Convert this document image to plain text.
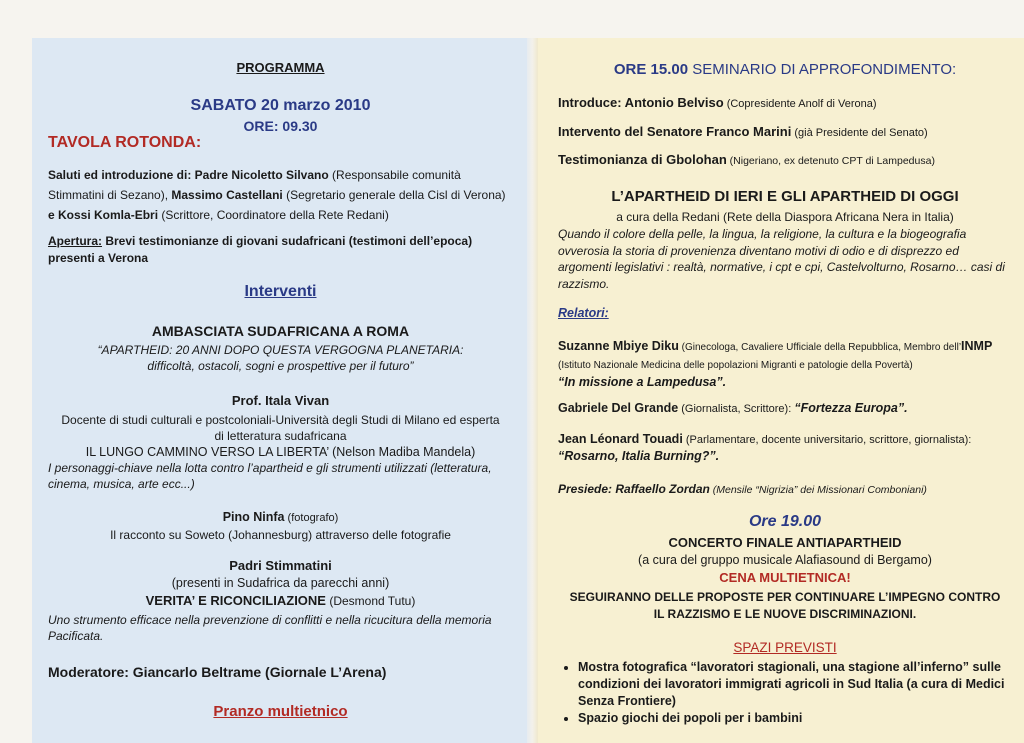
PROGRAMMA
SABATO 20 marzo 2010
ORE: 09.30
TAVOLA ROTONDA:

Saluti ed introduzione di: Padre Nicoletto Silvano (Responsabile comunità Stimmatini di Sezano), Massimo Castellani (Segretario generale della Cisl di Verona) e Kossi Komla-Ebri (Scrittore, Coordinatore della Rete Redani)

Apertura: Brevi testimonianze di giovani sudafricani (testimoni dell’epoca) presenti a Verona

Interventi
AMBASCIATA SUDAFRICANA A ROMA

“APARTHEID: 20 ANNI DOPO QUESTA VERGOGNA PLANETARIA: difficoltà, ostacoli, sogni e prospettive per il futuro”

Prof. Itala Vivan

Docente di studi culturali e postcoloniali-Università degli Studi di Milano ed esperta di letteratura sudafricana

IL LUNGO CAMMINO VERSO LA LIBERTA’ (Nelson Madiba Mandela)

I personaggi-chiave nella lotta contro l’apartheid e gli strumenti utilizzati (letteratura, cinema, musica, arte ecc...)

Pino Ninfa (fotografo)

Il racconto su Soweto (Johannesburg) attraverso delle fotografie
Padri Stimmatini
(presenti in Sudafrica da parecchi anni)

VERITA’ E RICONCILIAZIONE (Desmond Tutu)

Uno strumento efficace nella prevenzione di conflitti e nella ricucitura della memoria Pacificata.

Moderatore: Giancarlo Beltrame (Giornale L’Arena)
Pranzo multietnico

ORE 15.00 SEMINARIO DI APPROFONDIMENTO:

Introduce: Antonio Belviso (Copresidente Anolf di Verona)

Intervento del Senatore Franco Marini (già Presidente del Senato)

Testimonianza di Gbolohan (Nigeriano, ex detenuto CPT di Lampedusa)

L’APARTHEID DI IERI E GLI APARTHEID DI OGGI
a cura della Redani (Rete della Diaspora Africana Nera in Italia)

Quando il colore della pelle, la lingua, la religione, la cultura e la biogeografia ovverosia la storia di provenienza diventano motivi di odio e di disprezzo ed argomenti legislativi : realtà, normative, i cpt e cpi, Castelvolturno, Rosarno… casi di razzismo.

Relatori:

Suzanne Mbiye Diku (Ginecologa, Cavaliere Ufficiale della Repubblica, Membro dell’INMP (Istituto Nazionale Medicina delle popolazioni Migranti e patologie della Povertà)
“In missione a Lampedusa”.

Gabriele Del Grande (Giornalista, Scrittore): “Fortezza Europa”.

Jean Léonard Touadi (Parlamentare, docente universitario, scrittore, giornalista):
“Rosarno, Italia Burning?”.

Presiede: Raffaello Zordan (Mensile “Nigrizia” dei Missionari Comboniani)

Ore 19.00
CONCERTO FINALE ANTIAPARTHEID
(a cura del gruppo musicale Alafiasound di Bergamo)
CENA MULTIETNICA!

SEGUIRANNO DELLE PROPOSTE PER CONTINUARE L’IMPEGNO CONTRO IL RAZZISMO E LE NUOVE DISCRIMINAZIONI.

SPAZI PREVISTI
• Mostra fotografica “lavoratori stagionali, una stagione all’inferno” sulle condizioni dei lavoratori immigrati agricoli in Sud Italia (a cura di Medici Senza Frontiere)
• Spazio giochi dei popoli per i bambini
